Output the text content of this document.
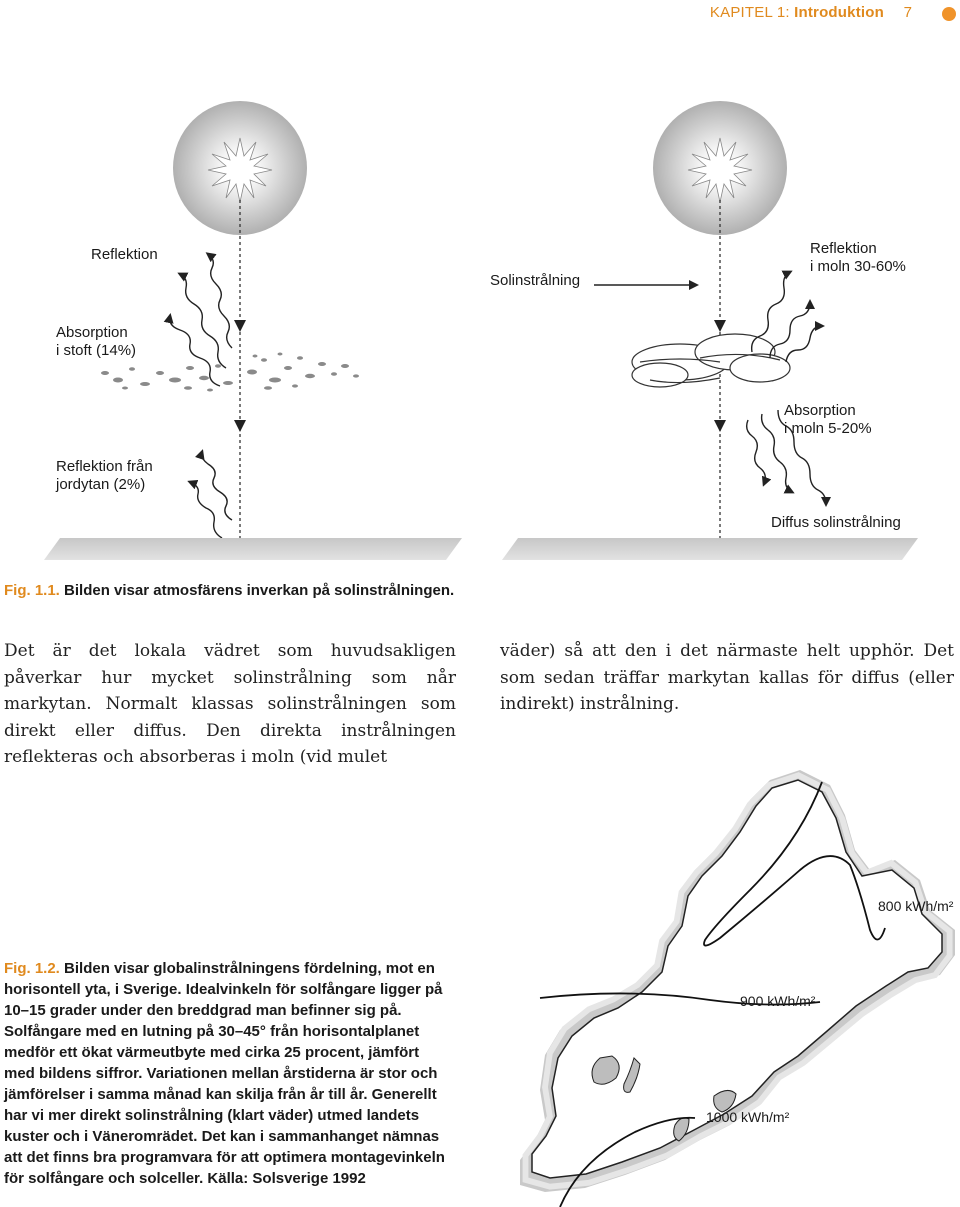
KAPITEL 1: Introduktion 7
Reflektion
Absorption
i stoft (14%)
Reflektion från
jordytan (2%)
Solinstrålning
Reflektion
i moln 30-60%
Absorption
i moln 5-20%
Diffus solinstrålning
Fig. 1.1. Bilden visar atmosfärens inverkan på solinstrålningen.
Det är det lokala vädret som huvudsakligen påverkar hur mycket solinstrålning som når markytan. Normalt klassas solinstrålningen som direkt eller diffus. Den direkta instrålningen reflekteras och absorberas i moln (vid mulet
väder) så att den i det närmaste helt upphör. Det som sedan träffar markytan kallas för diffus (eller indirekt) instrålning.
800 kWh/m²
900 kWh/m²
1000 kWh/m²
Fig. 1.2. Bilden visar globalinstrålningens fördelning, mot en horisontell yta, i Sverige. Idealvinkeln för solfångare ligger på 10–15 grader under den breddgrad man befinner sig på. Solfångare med en lutning på 30–45° från horisontalplanet medför ett ökat värmeutbyte med cirka 25 procent, jämfört med bildens siffror. Variationen mellan årstiderna är stor och jämförelser i samma månad kan skilja från år till år. Generellt har vi mer direkt solinstrålning (klart väder) utmed landets kuster och i Väneromrädet. Det kan i sammanhanget nämnas att det finns bra programvara för att optimera montagevinkeln för solfångare och solceller. Källa: Solsverige 1992
